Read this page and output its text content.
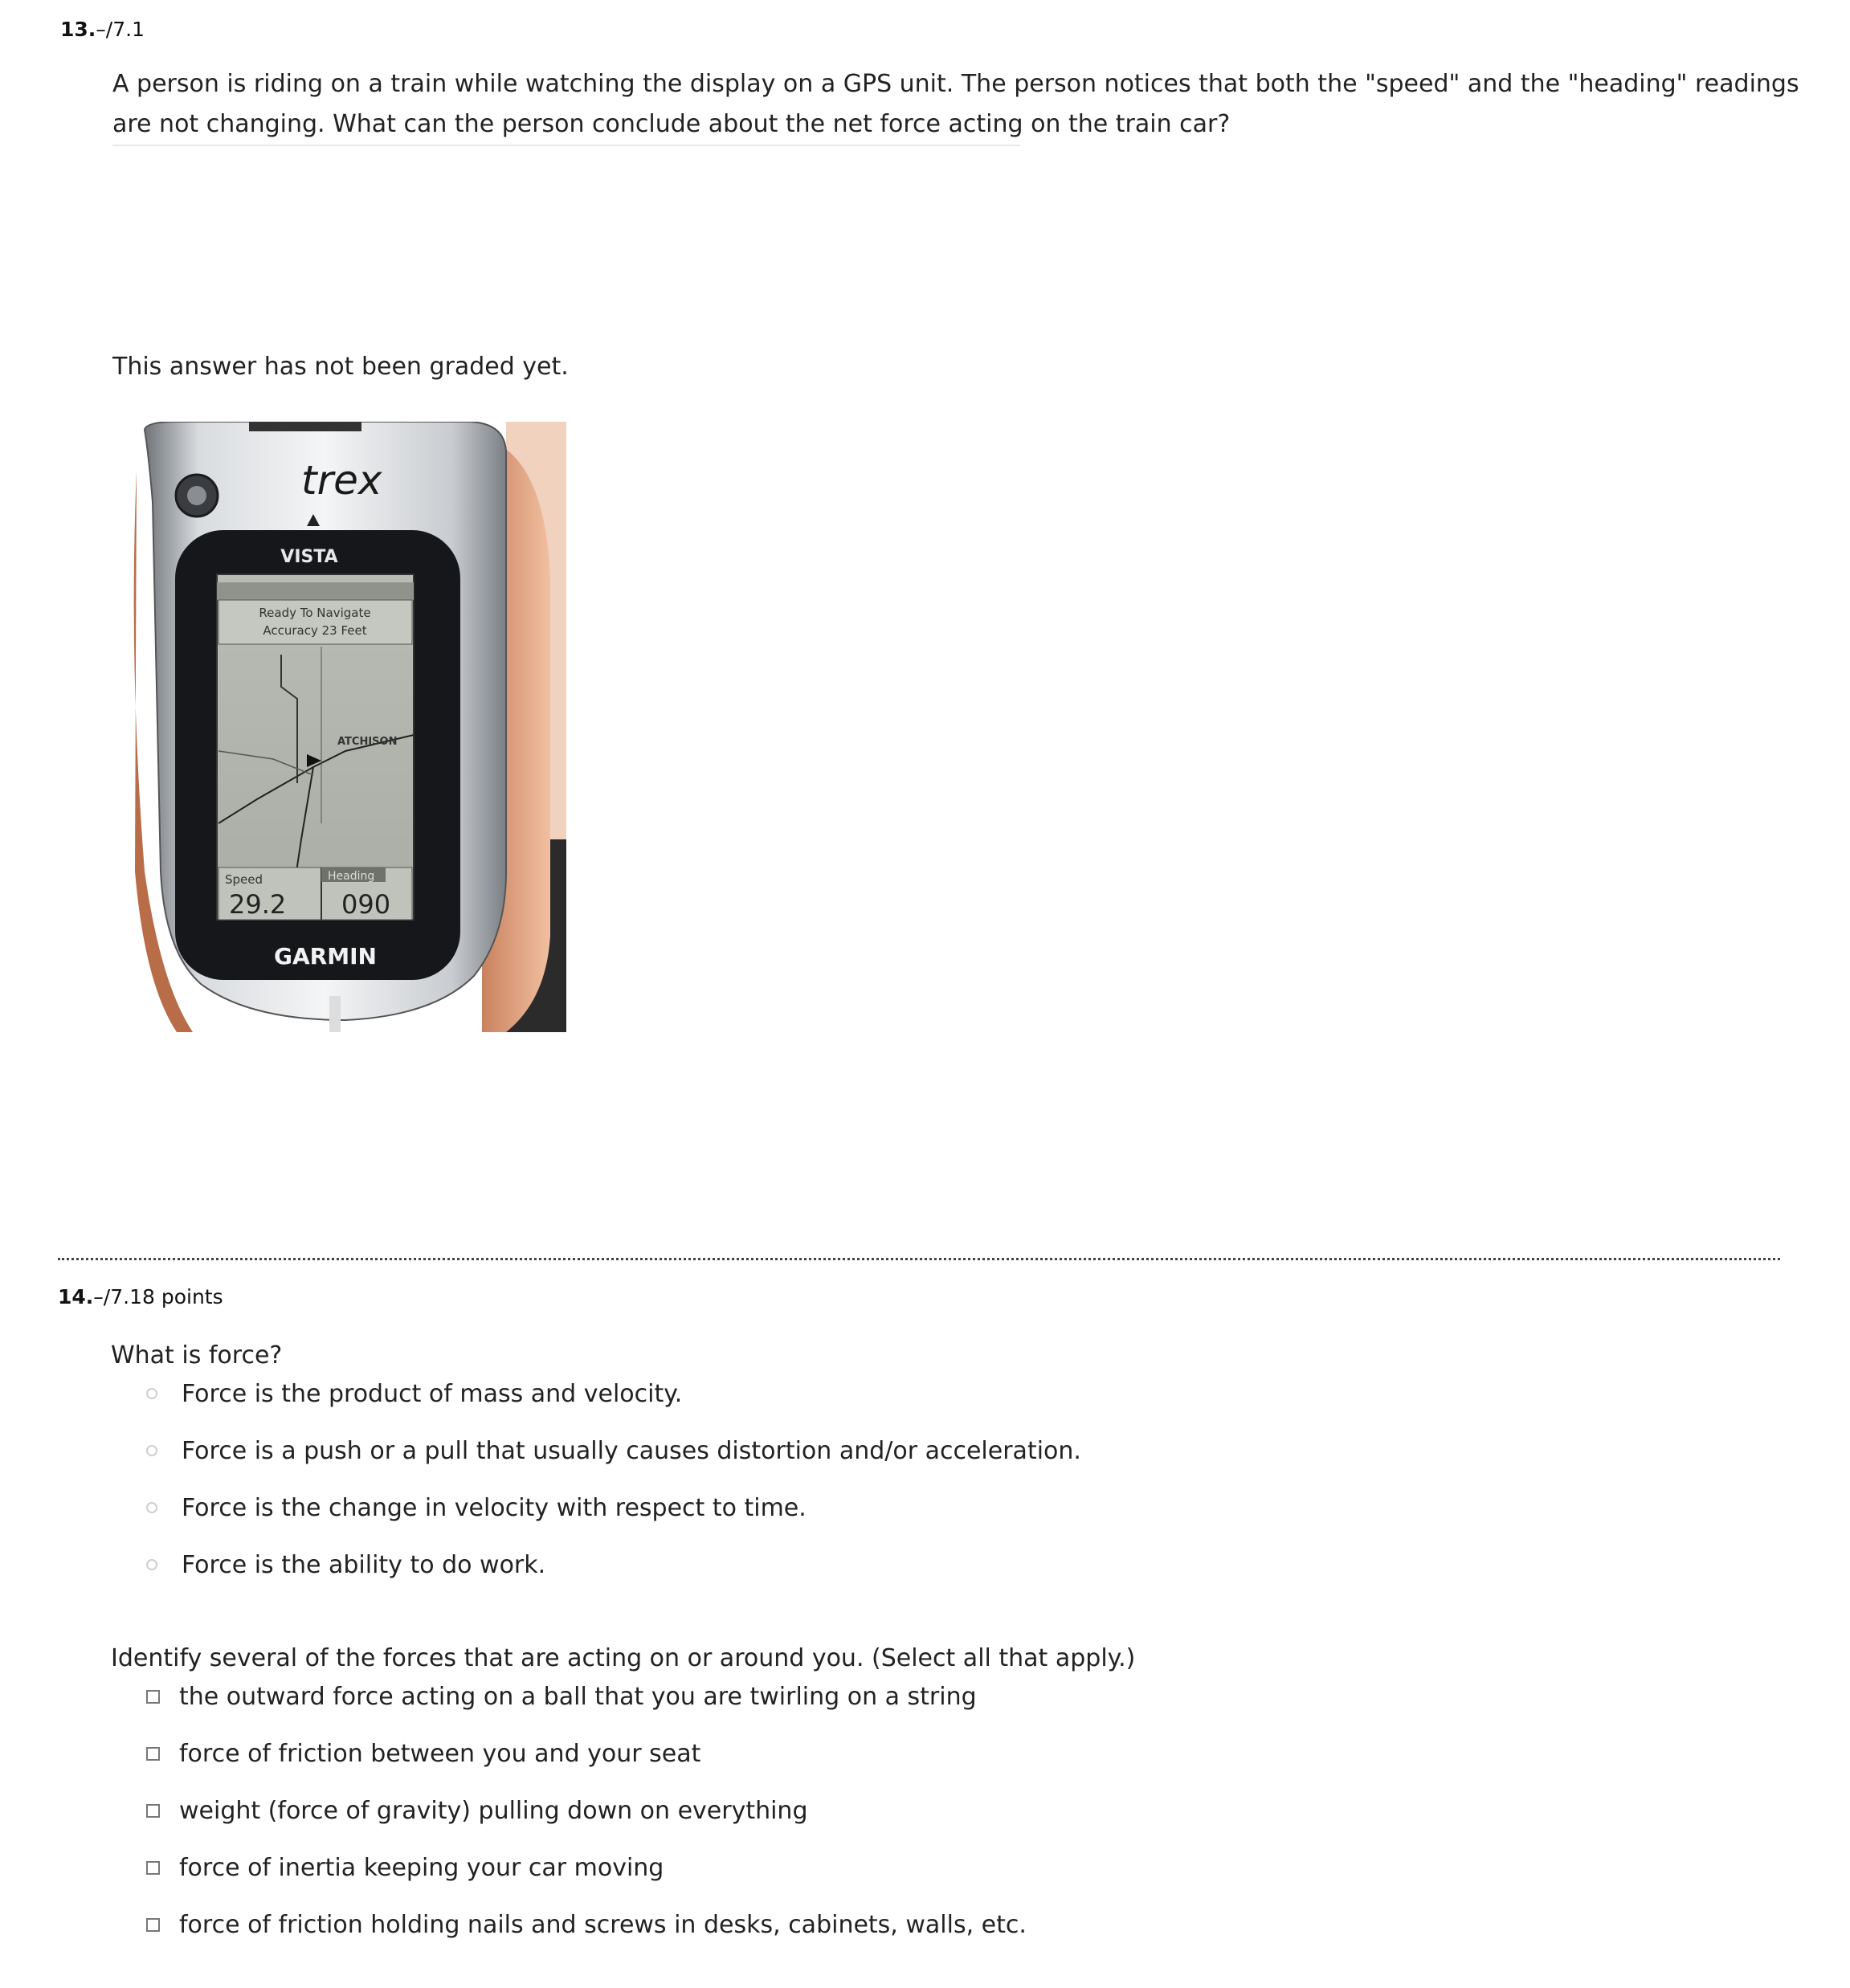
13.–/7.1
A person is riding on a train while watching the display on a GPS unit. The person notices that both the "speed" and the "heading" readings
are not changing. What can the person conclude about the net force acting on the train car?
This answer has not been graded yet.
trex
VISTA
Ready To Navigate
Accuracy 23 Feet
ATCHISON
Speed
29.2
Heading
090
GARMIN
14.–/7.18 points
What is force?
Force is the product of mass and velocity.
Force is a push or a pull that usually causes distortion and/or acceleration.
Force is the change in velocity with respect to time.
Force is the ability to do work.
Identify several of the forces that are acting on or around you. (Select all that apply.)
the outward force acting on a ball that you are twirling on a string
force of friction between you and your seat
weight (force of gravity) pulling down on everything
force of inertia keeping your car moving
force of friction holding nails and screws in desks, cabinets, walls, etc.
